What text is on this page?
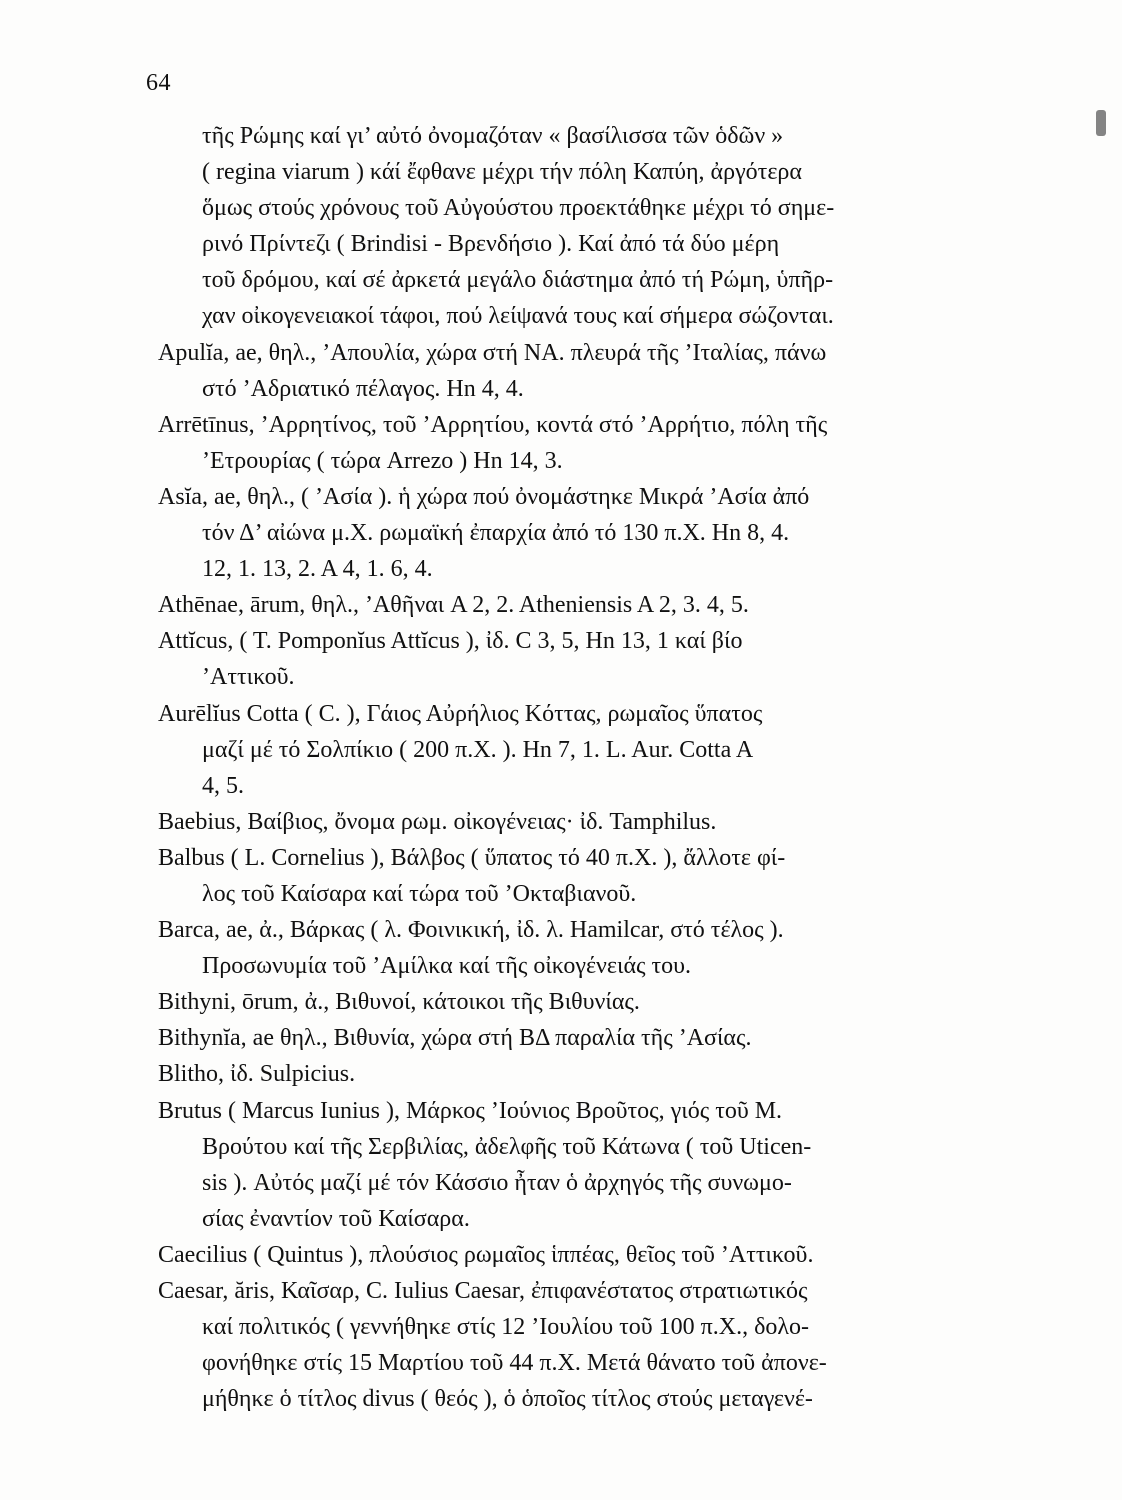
64
τῆς Ρώμης καί γι’ αὐτό ὀνομαζόταν « βασίλισσα τῶν ὁδῶν »
( regina viarum ) κάί ἔφθανε μέχρι τήν πόλη Καπύη, ἀργότερα
ὅμως στούς χρόνους τοῦ Αὐγούστου προεκτάθηκε μέχρι τό σημε-
ρινό Πρίντεζι ( Brindisi - Βρενδήσιο ). Καί ἀπό τά δύο μέρη
τοῦ δρόμου, καί σέ ἀρκετά μεγάλο διάστημα ἀπό τή Ρώμη, ὑπῆρ-
χαν οἰκογενειακοί τάφοι, πού λείψανά τους καί σήμερα σώζονται.
Apulĭa, ae, θηλ., ’Απουλία, χώρα στή ΝΑ. πλευρά τῆς ’Ιταλίας, πάνω
στό ’Αδριατικό πέλαγος. Hn 4, 4.
Arrētīnus, ’Αρρητίνος, τοῦ ’Αρρητίου, κοντά στό ’Αρρήτιο, πόλη τῆς
’Ετρουρίας ( τώρα Arrezo ) Hn 14, 3.
Asĭa, ae, θηλ., ( ’Ασία ). ἡ χώρα πού ὀνομάστηκε Μικρά ’Ασία ἀπό
τόν Δ’ αἰώνα μ.Χ. ρωμαϊκή ἐπαρχία ἀπό τό 130 π.Χ. Hn 8, 4.
12, 1. 13, 2. A 4, 1. 6, 4.
Athēnae, ārum, θηλ., ’Αθῆναι A 2, 2. Atheniensis A 2, 3. 4, 5.
Attĭcus, ( T. Pomponĭus Attĭcus ), ἰδ. C 3, 5, Hn 13, 1 καί βίο
’Αττικοῦ.
Aurēlĭus Cotta ( C. ), Γάιος Αὐρήλιος Κόττας, ρωμαῖος ὕπατος
μαζί μέ τό Σολπίκιο ( 200 π.Χ. ). Hn 7, 1. L. Aur. Cotta A
4, 5.
Baebius, Βαίβιος, ὄνομα ρωμ. οἰκογένειας· ἰδ. Tamphilus.
Balbus ( L. Cornelius ), Βάλβος ( ὕπατος τό 40 π.Χ. ), ἄλλοτε φί-
λος τοῦ Καίσαρα καί τώρα τοῦ ’Οκταβιανοῦ.
Barca, ae, ἀ., Βάρκας ( λ. Φοινικική, ἰδ. λ. Hamilcar, στό τέλος ).
Προσωνυμία τοῦ ’Αμίλκα καί τῆς οἰκογένειάς του.
Bithyni, ōrum, ἀ., Βιθυνοί, κάτοικοι τῆς Βιθυνίας.
Bithynĭa, ae θηλ., Βιθυνία, χώρα στή ΒΔ παραλία τῆς ’Ασίας.
Blitho, ἰδ. Sulpicius.
Brutus ( Marcus Iunius ), Μάρκος ’Ιούνιος Βροῦτος, γιός τοῦ M.
Βρούτου καί τῆς Σερβιλίας, ἀδελφῆς τοῦ Κάτωνα ( τοῦ Uticen-
sis ). Αὐτός μαζί μέ τόν Κάσσιο ἦταν ὁ ἀρχηγός τῆς συνωμο-
σίας ἐναντίον τοῦ Καίσαρα.
Caecilius ( Quintus ), πλούσιος ρωμαῖος ἱππέας, θεῖος τοῦ ’Αττικοῦ.
Caesar, ăris, Καῖσαρ, C. Iulius Caesar, ἐπιφανέστατος στρατιωτικός
καί πολιτικός ( γεννήθηκε στίς 12 ’Ιουλίου τοῦ 100 π.Χ., δολο-
φονήθηκε στίς 15 Μαρτίου τοῦ 44 π.Χ. Μετά θάνατο τοῦ ἀπονε-
μήθηκε ὁ τίτλος divus ( θεός ), ὁ ὁποῖος τίτλος στούς μεταγενέ-
